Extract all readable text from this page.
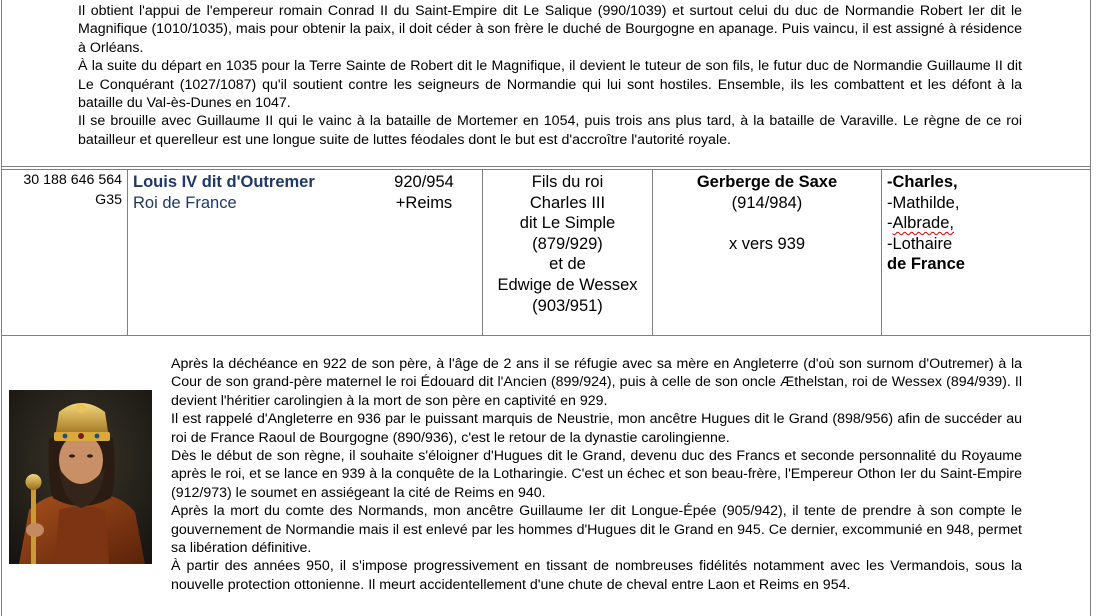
Il obtient l'appui de l'empereur romain Conrad II du Saint-Empire dit Le Salique (990/1039) et surtout celui du duc de Normandie Robert Ier dit le Magnifique (1010/1035), mais pour obtenir la paix, il doit céder à son frère le duché de Bourgogne en apanage. Puis vaincu, il est assigné à résidence à Orléans.

À la suite du départ en 1035 pour la Terre Sainte de Robert dit le Magnifique, il devient le tuteur de son fils, le futur duc de Normandie Guillaume II dit Le Conquérant (1027/1087) qu'il soutient contre les seigneurs de Normandie qui lui sont hostiles. Ensemble, ils les combattent et les défont à la bataille du Val-ès-Dunes en 1047.

Il se brouille avec Guillaume II qui le vainc à la bataille de Mortemer en 1054, puis trois ans plus tard, à la bataille de Varaville. Le règne de ce roi batailleur et querelleur est une longue suite de luttes féodales dont le but est d'accroître l'autorité royale.

30 188 646 564
G35
Louis IV dit d'Outremer
Roi de France
920/954
+Reims
Fils du roi
Charles III
dit Le Simple
(879/929)
et de
Edwige de Wessex
(903/951)
Gerberge de Saxe
(914/984)
x vers 939
-Charles,
-Mathilde,
-Albrade,
-Lothaire
de France

Après la déchéance en 922 de son père, à l'âge de 2 ans il se réfugie avec sa mère en Angleterre (d'où son surnom d'Outremer) à la Cour de son grand-père maternel le roi Édouard dit l'Ancien (899/924), puis à celle de son oncle Æthelstan, roi de Wessex (894/939). Il devient l'héritier carolingien à la mort de son père en captivité en 929.

Il est rappelé d'Angleterre en 936 par le puissant marquis de Neustrie, mon ancêtre Hugues dit le Grand (898/956) afin de succéder au roi de France Raoul de Bourgogne (890/936), c'est le retour de la dynastie carolingienne.

Dès le début de son règne, il souhaite s'éloigner d'Hugues dit le Grand, devenu duc des Francs et seconde personnalité du Royaume après le roi, et se lance en 939 à la conquête de la Lotharingie. C'est un échec et son beau-frère, l'Empereur Othon Ier du Saint-Empire (912/973) le soumet en assiégeant la cité de Reims en 940.

Après la mort du comte des Normands, mon ancêtre Guillaume Ier dit Longue-Épée (905/942), il tente de prendre à son compte le gouvernement de Normandie mais il est enlevé par les hommes d'Hugues dit le Grand en 945. Ce dernier, excommunié en 948, permet sa libération définitive.

À partir des années 950, il s'impose progressivement en tissant de nombreuses fidélités notamment avec les Vermandois, sous la nouvelle protection ottonienne. Il meurt accidentellement d'une chute de cheval entre Laon et Reims en 954.
